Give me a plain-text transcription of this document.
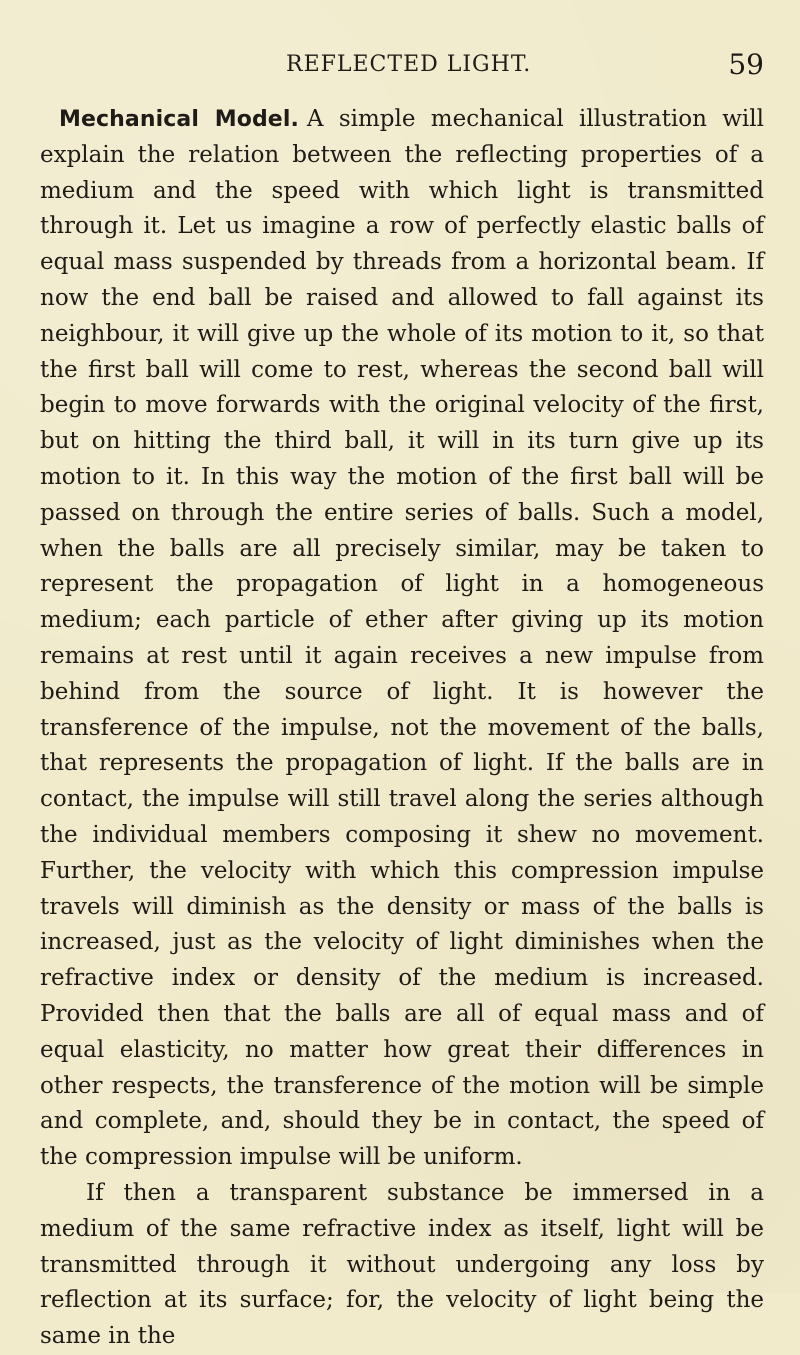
REFLECTED LIGHT.	59

Mechanical Model. A simple mechanical illustration will explain the relation between the reflecting properties of a medium and the speed with which light is transmitted through it. Let us imagine a row of perfectly elastic balls of equal mass suspended by threads from a horizontal beam. If now the end ball be raised and allowed to fall against its neighbour, it will give up the whole of its motion to it, so that the first ball will come to rest, whereas the second ball will begin to move forwards with the original velocity of the first, but on hitting the third ball, it will in its turn give up its motion to it. In this way the motion of the first ball will be passed on through the entire series of balls. Such a model, when the balls are all precisely similar, may be taken to represent the propagation of light in a homogeneous medium; each particle of ether after giving up its motion remains at rest until it again receives a new impulse from behind from the source of light. It is however the transference of the impulse, not the movement of the balls, that represents the propagation of light. If the balls are in contact, the impulse will still travel along the series although the individual members composing it shew no movement. Further, the velocity with which this compression impulse travels will diminish as the density or mass of the balls is increased, just as the velocity of light diminishes when the refractive index or density of the medium is increased. Provided then that the balls are all of equal mass and of equal elasticity, no matter how great their differences in other respects, the transference of the motion will be simple and complete, and, should they be in contact, the speed of the compression impulse will be uniform.

If then a transparent substance be immersed in a medium of the same refractive index as itself, light will be transmitted through it without undergoing any loss by reflection at its surface; for, the velocity of light being the same in the
